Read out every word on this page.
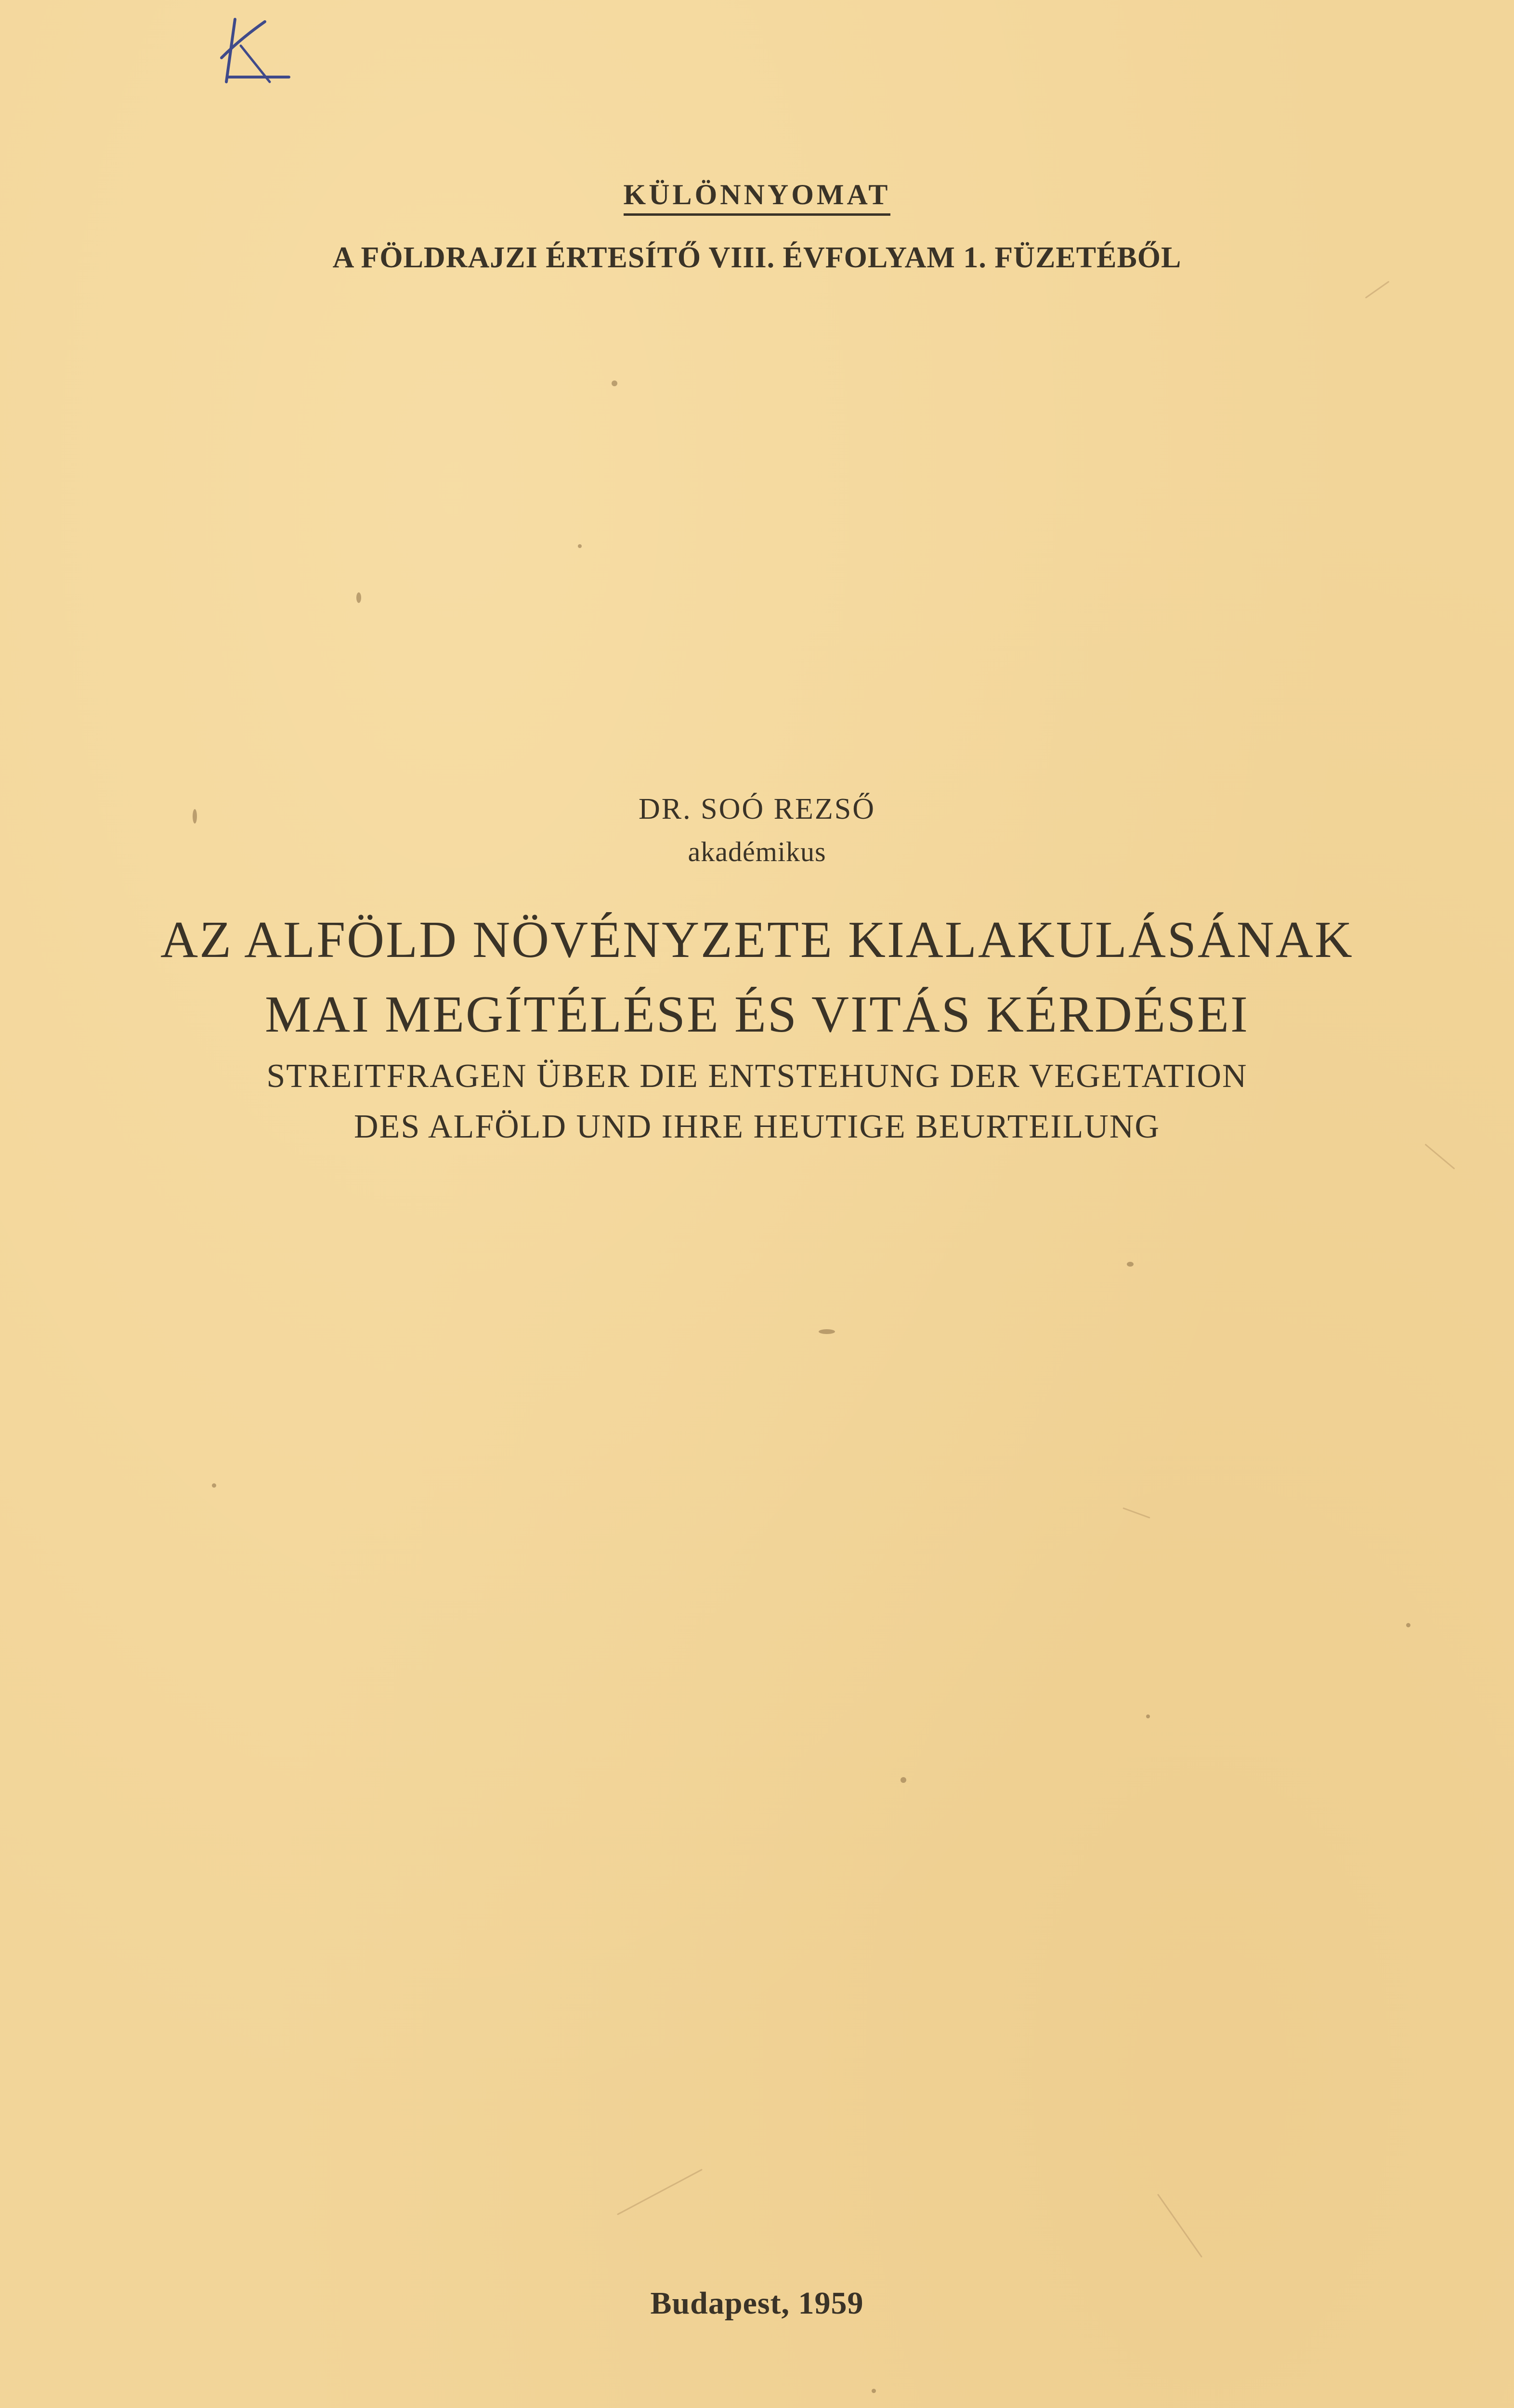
KÜLÖNNYOMAT
A FÖLDRAJZI ÉRTESÍTŐ VIII. ÉVFOLYAM 1. FÜZETÉBŐL
DR. SOÓ REZSŐ
akadémikus
AZ ALFÖLD NÖVÉNYZETE KIALAKULÁSÁNAK
MAI MEGÍTÉLÉSE ÉS VITÁS KÉRDÉSEI
STREITFRAGEN ÜBER DIE ENTSTEHUNG DER VEGETATION
DES ALFÖLD UND IHRE HEUTIGE BEURTEILUNG
Budapest, 1959
